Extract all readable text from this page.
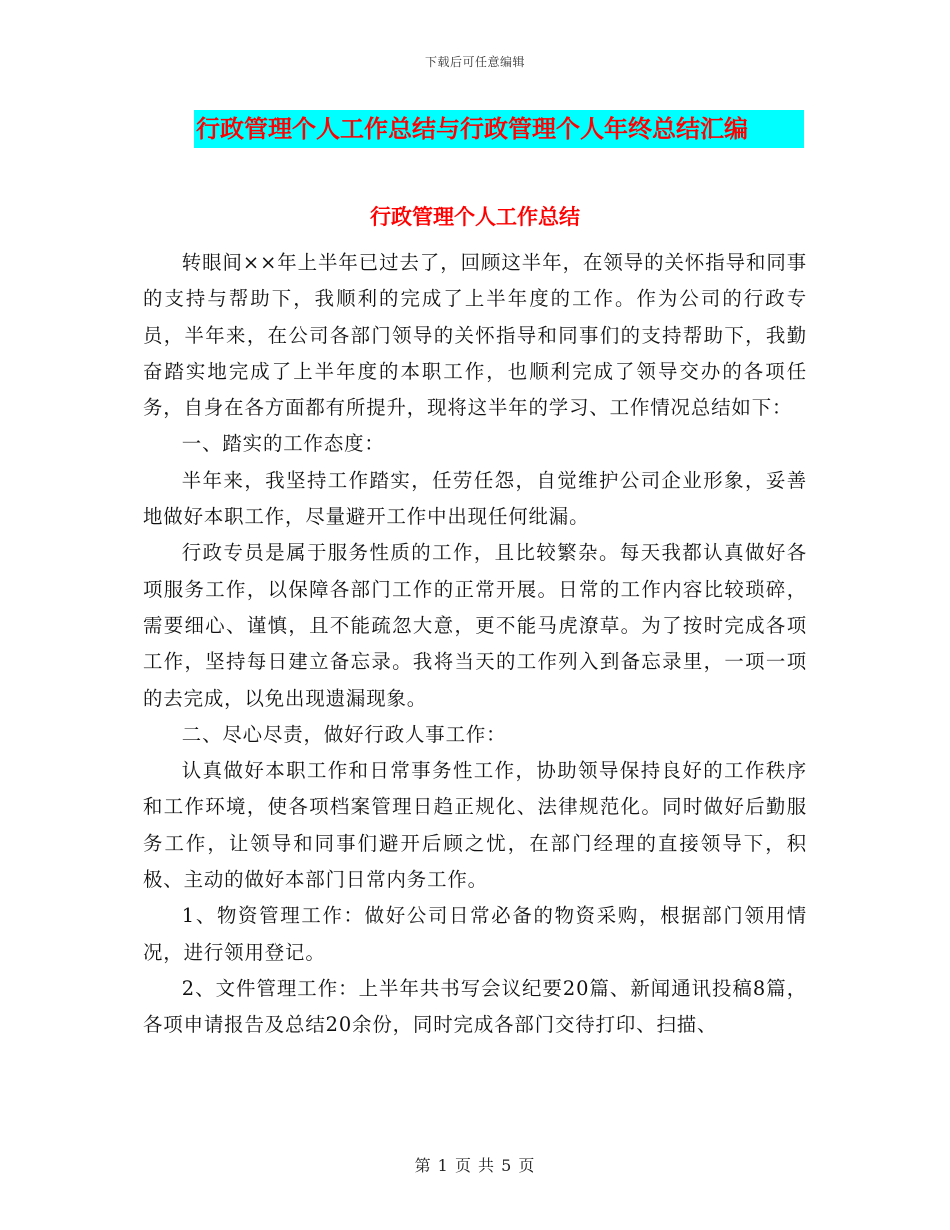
下载后可任意编辑
行政管理个人工作总结与行政管理个人年终总结汇编
行政管理个人工作总结

转眼间××年上半年已过去了，回顾这半年，在领导的关怀指导和同事的支持与帮助下，我顺利的完成了上半年度的工作。作为公司的行政专员，半年来，在公司各部门领导的关怀指导和同事们的支持帮助下，我勤奋踏实地完成了上半年度的本职工作，也顺利完成了领导交办的各项任务，自身在各方面都有所提升，现将这半年的学习、工作情况总结如下：

一、踏实的工作态度：

半年来，我坚持工作踏实，任劳任怨，自觉维护公司企业形象，妥善地做好本职工作，尽量避开工作中出现任何纰漏。

行政专员是属于服务性质的工作，且比较繁杂。每天我都认真做好各项服务工作，以保障各部门工作的正常开展。日常的工作内容比较琐碎，需要细心、谨慎，且不能疏忽大意，更不能马虎潦草。为了按时完成各项工作，坚持每日建立备忘录。我将当天的工作列入到备忘录里，一项一项的去完成，以免出现遗漏现象。

二、尽心尽责，做好行政人事工作：

认真做好本职工作和日常事务性工作，协助领导保持良好的工作秩序和工作环境，使各项档案管理日趋正规化、法律规范化。同时做好后勤服务工作，让领导和同事们避开后顾之忧，在部门经理的直接领导下，积极、主动的做好本部门日常内务工作。

1、物资管理工作：做好公司日常必备的物资采购，根据部门领用情况，进行领用登记。

2、文件管理工作：上半年共书写会议纪要20篇、新闻通讯投稿8篇，各项申请报告及总结20余份，同时完成各部门交待打印、扫描、

第 1 页 共 5 页
